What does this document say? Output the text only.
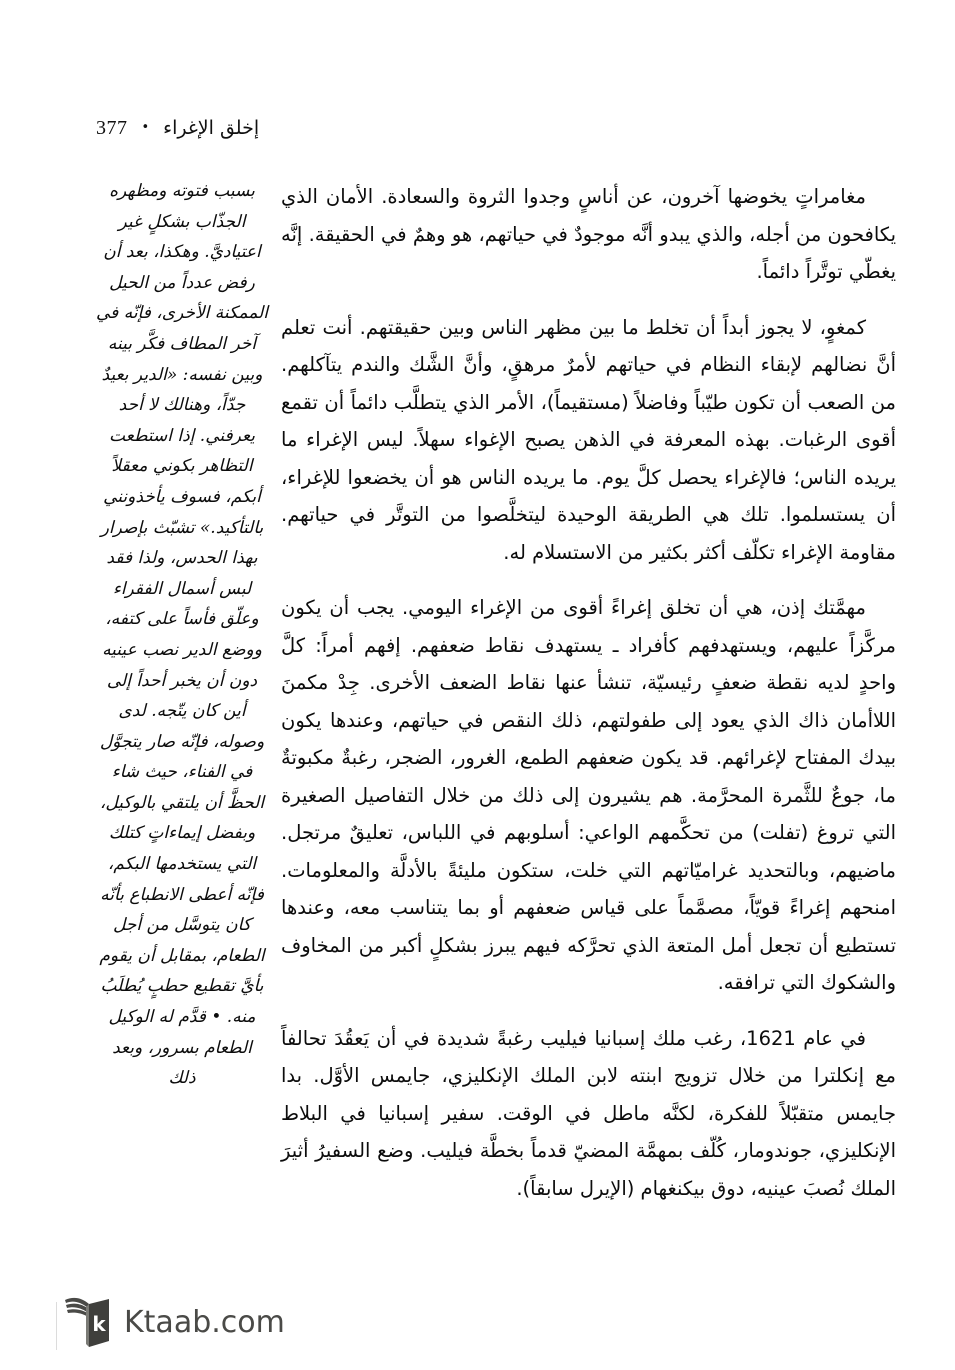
377 • إخلق الإغراء

بسبب فتوته ومظهره الجذّاب بشكلٍ غير اعتياديَّ. وهكذا، بعد أن رفض عدداً من الحيل الممكنة الأخرى، فإنّه في آخر المطاف فكَّر بينه وبين نفسه: «الدير بعيدٌ جدّاً، وهنالك لا أحد يعرفني. إذا استطعت التظاهر بكوني معقلاً أبكم، فسوف يأخذونني بالتأكيد.» تشبّث بإصرار بهذا الحدس، ولذا فقد لبس أسمال الفقراء وعلّق فأساً على كتفه، ووضع الدير نصب عينيه دون أن يخبر أحداً إلى أين كان يتّجه. لدى وصوله، فإنّه صار يتجوَّل في الفناء، حيث شاء الحظَّ أن يلتقي بالوكيل، وبفضل إيماءاتٍ كتلك التي يستخدمها البكم، فإنّه أعطى الانطباع بأنّه كان يتوسَّل من أجل الطعام، بمقابل أن يقوم بأيَّ تقطيع حطبٍ يُطلَبُ منه. • قدَّم له الوكيل الطعام بسرور، وبعد ذلك

مغامراتٍ يخوضها آخرون، عن أناسٍ وجدوا الثروة والسعادة. الأمان الذي يكافحون من أجله، والذي يبدو أنَّه موجودٌ في حياتهم، هو وهمٌ في الحقيقة. إنَّه يغطّي توتَّراً دائماً.

كمغوٍ، لا يجوز أبداً أن تخلط ما بين مظهر الناس وبين حقيقتهم. أنت تعلم أنَّ نضالهم لإبقاء النظام في حياتهم لأمرٌ مرهقٍ، وأنَّ الشَّك والندم يتآكلهم. من الصعب أن تكون طيّباً وفاضلاً (مستقيماً)، الأمر الذي يتطلَّب دائماً أن تقمع أقوى الرغبات. بهذه المعرفة في الذهن يصبح الإغواء سهلاً. ليس الإغراء ما يريده الناس؛ فالإغراء يحصل كلَّ يوم. ما يريده الناس هو أن يخضعوا للإغراء، أن يستسلموا. تلك هي الطريقة الوحيدة ليتخلَّصوا من التوتَّر في حياتهم. مقاومة الإغراء تكلّف أكثر بكثير من الاستسلام له.

مهمَّتك إذن، هي أن تخلق إغراءً أقوى من الإغراء اليومي. يجب أن يكون مركَّزاً عليهم، ويستهدفهم كأفراد ـ يستهدف نقاط ضعفهم. إفهم أمراً: كلَّ واحدٍ لديه نقطة ضعفٍ رئيسيّة، تنشأ عنها نقاط الضعف الأخرى. جِدْ مكمنَ اللاأمان ذاك الذي يعود إلى طفولتهم، ذلك النقص في حياتهم، وعندها يكون بيدك المفتاح لإغرائهم. قد يكون ضعفهم الطمع، الغرور، الضجر، رغبةٌ مكبوتةٌ ما، جوعٌ للثَّمرة المحرَّمة. هم يشيرون إلى ذلك من خلال التفاصيل الصغيرة التي تروغ (تفلت) من تحكَّمهم الواعي: أسلوبهم في اللباس، تعليقٌ مرتجل. ماضيهم، وبالتحديد غراميّاتهم التي خلت، ستكون مليئةً بالأدلَّة والمعلومات. امنحهم إغراءً قويّاً، مصمَّماً على قياس ضعفهم أو بما يتناسب معه، وعندها تستطيع أن تجعل أمل المتعة الذي تحرَّكه فيهم يبرز بشكلٍ أكبر من المخاوف والشكوك التي ترافقه.

في عام 1621، رغب ملك إسبانيا فيليب رغبةً شديدة في أن يَعقُدَ تحالفاً مع إنكلترا من خلال تزويج ابنته لابن الملك الإنكليزي، جايمس الأوَّل. بدا جايمس متقبّلاً للفكرة، لكنَّه ماطل في الوقت. سفير إسبانيا في البلاط الإنكليزي، جوندومار، كُلّف بمهمَّة المضيّ قدماً بخطَّة فيليب. وضع السفيرُ أثيرَ الملك نُصبَ عينيه، دوق بيكنغهام (الإيرل سابقاً).

k Ktaab.com
